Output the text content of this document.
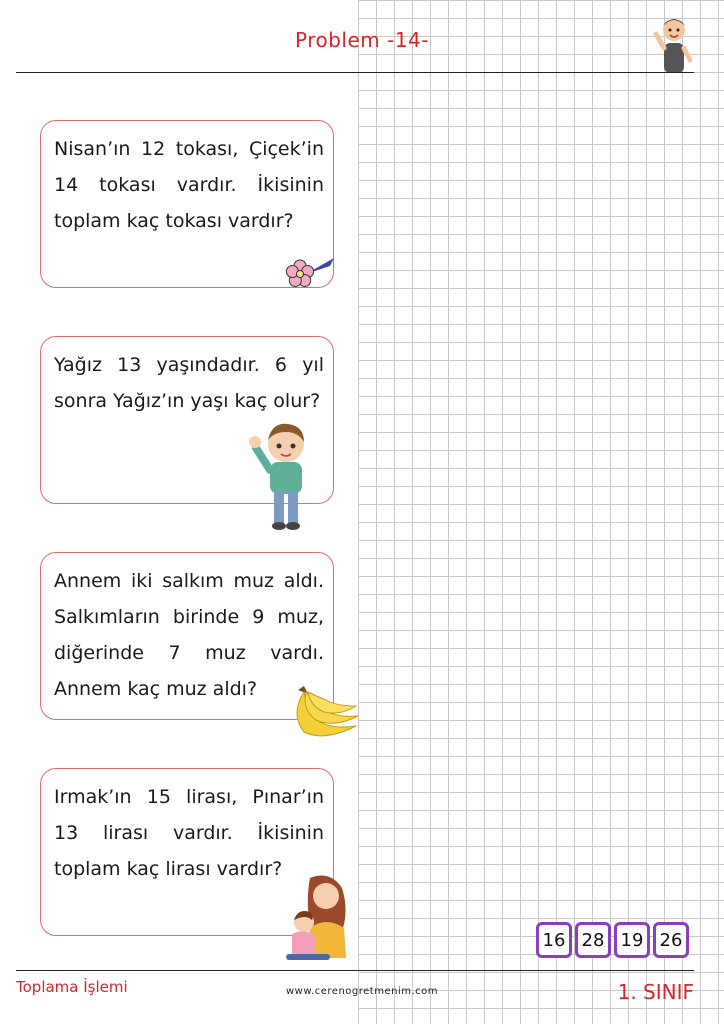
Problem -14-

Nisan’ın 12 tokası, Çiçek’in 14 tokası vardır. İkisinin toplam kaç tokası vardır?

Yağız 13 yaşındadır. 6 yıl sonra Yağız’ın yaşı kaç olur?

Annem iki salkım muz aldı. Salkımların birinde 9 muz, diğerinde 7 muz vardı. Annem kaç muz aldı?

Irmak’ın 15 lirası, Pınar’ın 13 lirası vardır. İkisinin toplam kaç lirası vardır?

16 28 19 26
Toplama İşlemi	www.cerenogretmenim.com	1. SINIF
